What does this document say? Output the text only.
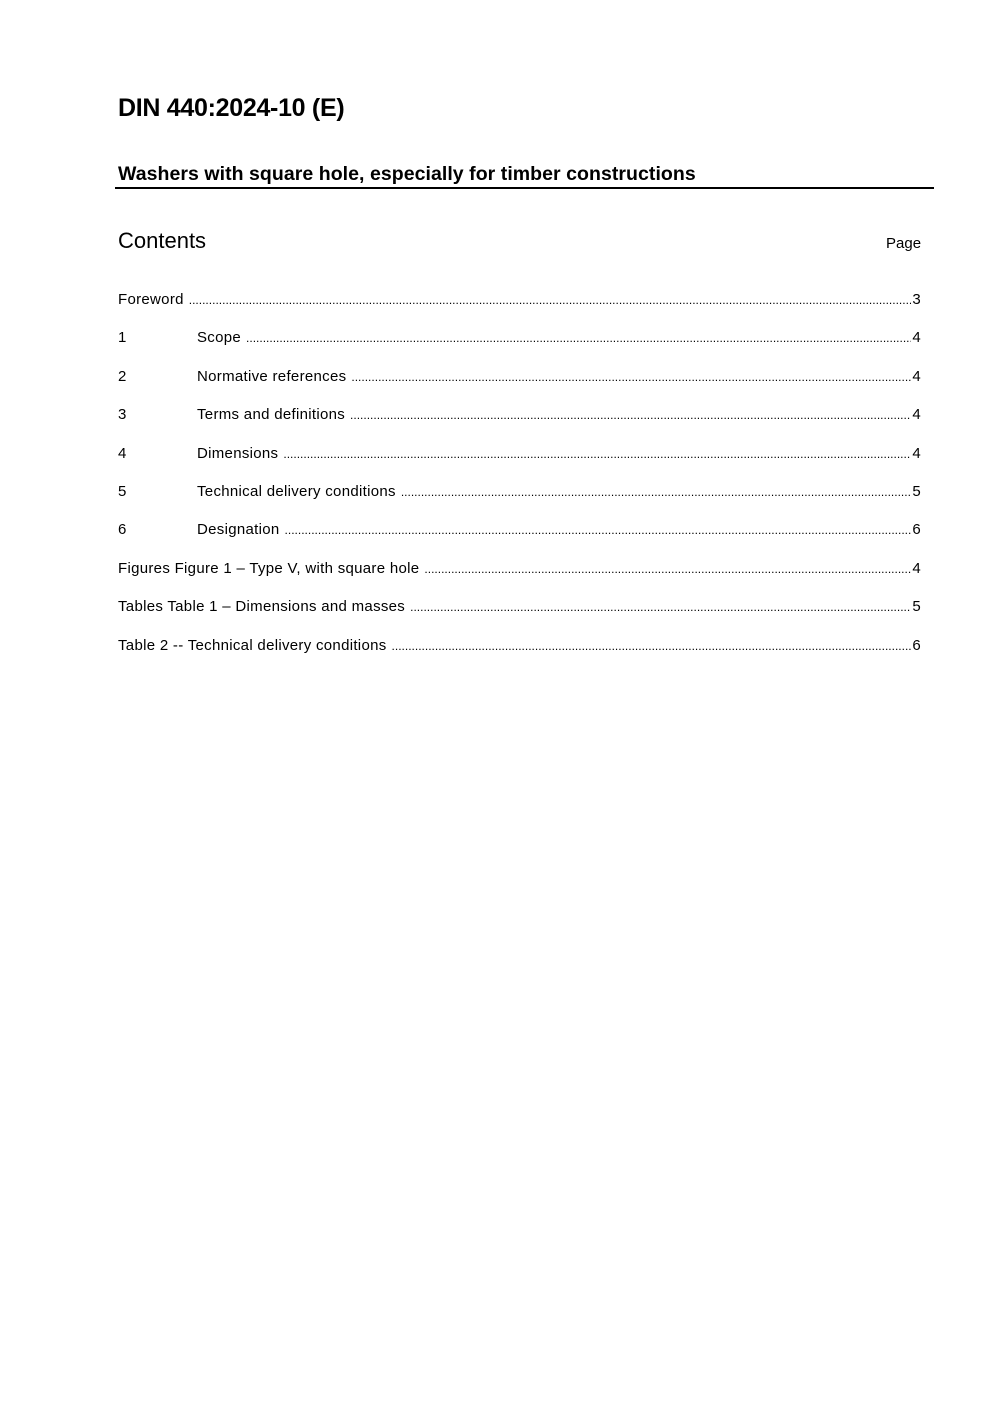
DIN 440:2024-10 (E)
Washers with square hole, especially for timber constructions
Contents	Page
Foreword .....	3
1	Scope .....	4
2	Normative references .....	4
3	Terms and definitions .....	4
4	Dimensions .....	4
5	Technical delivery conditions .....	5
6	Designation .....	6
Figures Figure 1 – Type V, with square hole .....	4
Tables Table 1 – Dimensions and masses .....	5
Table 2 -- Technical delivery conditions .....	6
